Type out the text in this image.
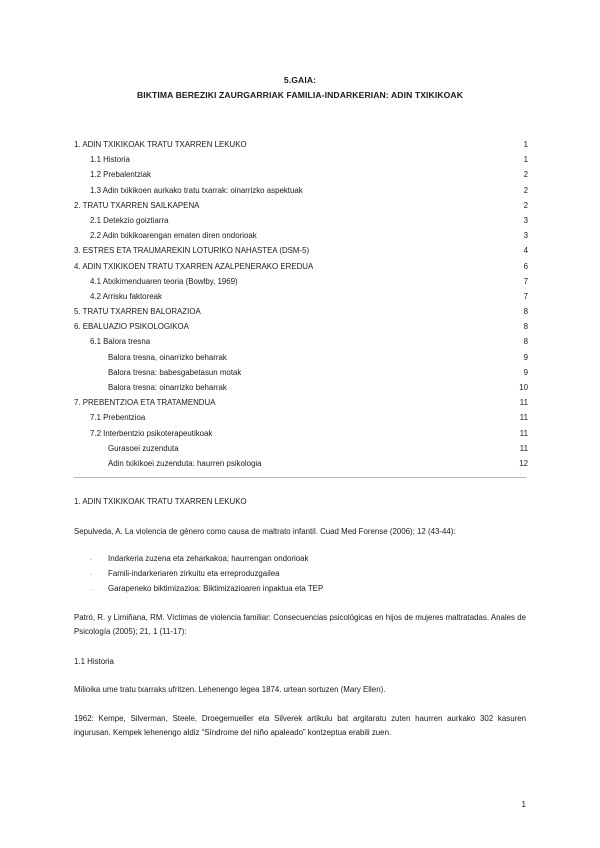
5.GAIA:
BIKTIMA BEREZIKI ZAURGARRIAK FAMILIA-INDARKERIAN: ADIN TXIKIKOAK
1. ADIN TXIKIKOAK TRATU TXARREN LEKUKO	1
1.1 Historia	1
1.2 Prebalentziak	2
1.3 Adin txikikoen aurkako tratu txarrak: oinarrizko aspektuak	2
2. TRATU TXARREN SAILKAPENA	2
2.1 Detekzio goiztiarra	3
2.2 Adin txikikoarengan ematen diren ondorioak	3
3. ESTRES ETA TRAUMAREKIN LOTURIKO NAHASTEA (DSM-5)	4
4. ADIN TXIKIKOEN TRATU TXARREN AZALPENERAKO EREDUA	6
4.1 Atxikimenduaren teoria (Bowlby, 1969)	7
4.2 Arrisku faktoreak	7
5. TRATU TXARREN BALORAZIOA	8
6. EBALUAZIO PSIKOLOGIKOA	8
6.1 Balora tresna	8
Balora tresna, oinarrizko beharrak	9
Balora tresna: babesgabetasun motak	9
Balora tresna: oinarrizko beharrak	10
7. PREBENTZIOA ETA TRATAMENDUA	11
7.1 Prebentzioa	11
7.2 Interbentzio psikoterapeutikoak	11
Gurasoei zuzenduta	11
Adin txikikoei zuzenduta: haurren psikologia	12
1. ADIN TXIKIKOAK TRATU TXARREN LEKUKO
Sepulveda, A. La violencia de género como causa de maltrato infantil. Cuad Med Forense (2006); 12 (43-44):
· Indarkeria zuzena eta zeharkakoa; haurrengan ondorioak
· Famili-indarkeriaren zirkuitu eta erreproduzgailea
· Garapeneko biktimizazioa: Biktimizazioaren inpaktua eta TEP
Patró, R. y Limiñana, RM. Víctimas de violencia familiar: Consecuencias psicológicas en hijos de mujeres maltratadas. Anales de Psicología (2005); 21, 1 (11-17):
1.1 Historia
Milioika ume tratu txarraks ufritzen. Lehenengo legea 1874. urtean sortuzen (Mary Ellen).
1962: Kempe, Silverman, Steele, Droegemueller eta Silverek artikulu bat argitaratu zuten haurren aurkako 302 kasuren ingurusan. Kempek lehenengo aldiz “Síndrome del niño apaleado” kontzeptua erabili zuen.
1
